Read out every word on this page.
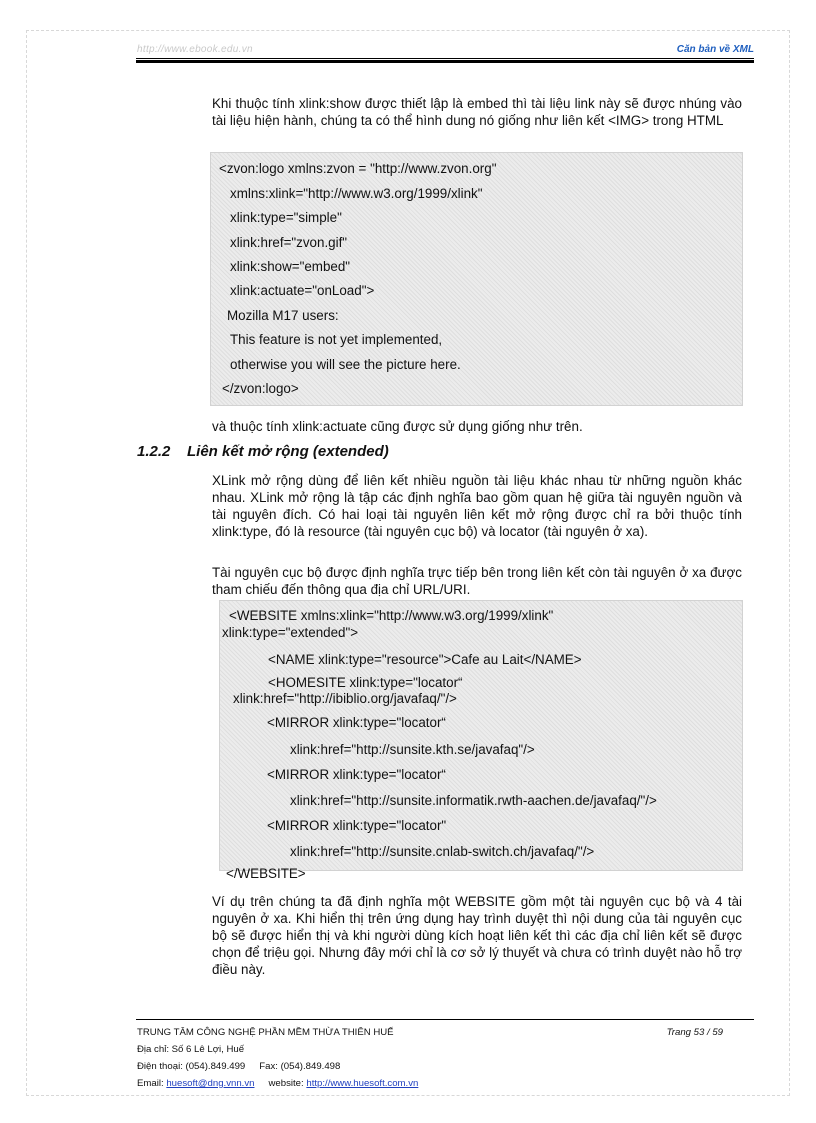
http://www.ebook.edu.vn	Căn bản về XML

Khi thuộc tính xlink:show được thiết lập là embed thì tài liệu link này sẽ được nhúng vào tài liệu hiện hành, chúng ta có thể hình dung nó giống như liên kết <IMG> trong HTML

<zvon:logo xmlns:zvon = "http://www.zvon.org"

xmlns:xlink="http://www.w3.org/1999/xlink"

xlink:type="simple"

xlink:href="zvon.gif"

xlink:show="embed"

xlink:actuate="onLoad">

Mozilla M17 users:

This feature is not yet implemented,

otherwise you will see the picture here.

</zvon:logo>

và thuộc tính xlink:actuate cũng được sử dụng giống như trên.

1.2.2 Liên kết mở rộng (extended)

XLink mở rộng dùng để liên kết nhiều nguồn tài liệu khác nhau từ những nguồn khác nhau. XLink mở rộng là tập các định nghĩa bao gồm quan hệ giữa tài nguyên nguồn và tài nguyên đích. Có hai loại tài nguyên liên kết mở rộng được chỉ ra bởi thuộc tính xlink:type, đó là resource (tài nguyên cục bộ) và locator (tài nguyên ở xa).

Tài nguyên cục bộ được định nghĩa trực tiếp bên trong liên kết còn tài nguyên ở xa được tham chiếu đến thông qua địa chỉ URL/URI.

<WEBSITE xmlns:xlink="http://www.w3.org/1999/xlink"

xlink:type="extended">

<NAME xlink:type="resource">Cafe au Lait</NAME>

<HOMESITE xlink:type="locator“

xlink:href="http://ibiblio.org/javafaq/"/>

<MIRROR xlink:type="locator“

xlink:href="http://sunsite.kth.se/javafaq"/>

<MIRROR xlink:type="locator“

xlink:href="http://sunsite.informatik.rwth-aachen.de/javafaq/"/>

<MIRROR xlink:type="locator"

xlink:href="http://sunsite.cnlab-switch.ch/javafaq/"/>

</WEBSITE>

Ví dụ trên chúng ta đã định nghĩa một WEBSITE gồm một tài nguyên cục bộ và 4 tài nguyên ở xa. Khi hiển thị trên ứng dụng hay trình duyệt thì nội dung của tài nguyên cục bộ sẽ được hiển thị và khi người dùng kích hoạt liên kết thì các địa chỉ liên kết sẽ được chọn để triệu gọi. Nhưng đây mới chỉ là cơ sở lý thuyết và chưa có trình duyệt nào hỗ trợ điều này.

TRUNG TÂM CÔNG NGHỆ PHẦN MỀM THỪA THIÊN HUẾ	Trang 53 / 59

Địa chỉ: Số 6 Lê Lợi, Huế

Điện thoại: (054).849.499 Fax: (054).849.498

Email: huesoft@dng.vnn.vn website: http://www.huesoft.com.vn
